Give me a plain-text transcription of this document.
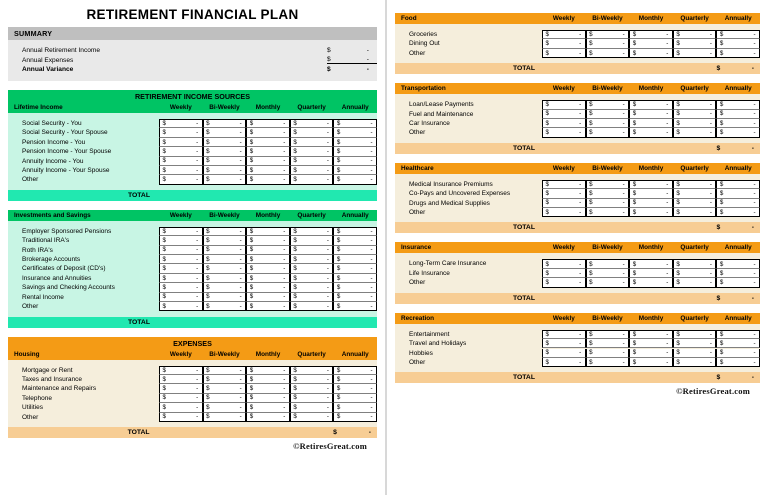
RETIREMENT FINANCIAL PLAN
SUMMARY
Annual Retirement Income	$	-
Annual Expenses	$	-
Annual Variance	$	-
RETIREMENT INCOME SOURCES
Lifetime Income	Weekly	Bi-Weekly	Monthly	Quarterly	Annually
Social Security - You	$	- $	- $	- $	- $	-
Social Security - Your Spouse	$	- $	- $	- $	- $	-
Pension Income - You	$	- $	- $	- $	- $	-
Pension Income - Your Spouse	$	- $	- $	- $	- $	-
Annuity Income - You	$	- $	- $	- $	- $	-
Annuity Income - Your Spouse	$	- $	- $	- $	- $	-
Other	$	- $	- $	- $	- $	-
TOTAL
Investments and Savings	Weekly	Bi-Weekly	Monthly	Quarterly	Annually
Employer Sponsored Pensions	$	- $	- $	- $	- $	-
Traditional IRA's	$	- $	- $	- $	- $	-
Roth IRA's	$	- $	- $	- $	- $	-
Brokerage Accounts	$	- $	- $	- $	- $	-
Certificates of Deposit (CD's)	$	- $	- $	- $	- $	-
Insurance and Annuities	$	- $	- $	- $	- $	-
Savings and Checking Accounts	$	- $	- $	- $	- $	-
Rental Income	$	- $	- $	- $	- $	-
Other	$	- $	- $	- $	- $	-
TOTAL
EXPENSES
Housing	Weekly	Bi-Weekly	Monthly	Quarterly	Annually
Mortgage or Rent	$	- $	- $	- $	- $	-
Taxes and Insurance	$	- $	- $	- $	- $	-
Maintenance and Repairs	$	- $	- $	- $	- $	-
Telephone	$	- $	- $	- $	- $	-
Utilities	$	- $	- $	- $	- $	-
Other	$	- $	- $	- $	- $	-
TOTAL	$	-
©RetiresGreat.com
Food	Weekly	Bi-Weekly	Monthly	Quarterly	Annually
Groceries	$	- $	- $	- $	- $	-
Dining Out	$	- $	- $	- $	- $	-
Other	$	- $	- $	- $	- $	-
TOTAL	$	-
Transportation	Weekly	Bi-Weekly	Monthly	Quarterly	Annually
Loan/Lease Payments	$	- $	- $	- $	- $	-
Fuel and Maintenance	$	- $	- $	- $	- $	-
Car Insurance	$	- $	- $	- $	- $	-
Other	$	- $	- $	- $	- $	-
TOTAL	$	-
Healthcare	Weekly	Bi-Weekly	Monthly	Quarterly	Annually
Medical Insurance Premiums	$	- $	- $	- $	- $	-
Co-Pays and Uncovered Expenses	$	- $	- $	- $	- $	-
Drugs and Medical Supplies	$	- $	- $	- $	- $	-
Other	$	- $	- $	- $	- $	-
TOTAL	$	-
Insurance	Weekly	Bi-Weekly	Monthly	Quarterly	Annually
Long-Term Care Insurance	$	- $	- $	- $	- $	-
Life Insurance	$	- $	- $	- $	- $	-
Other	$	- $	- $	- $	- $	-
TOTAL	$	-
Recreation	Weekly	Bi-Weekly	Monthly	Quarterly	Annually
Entertainment	$	- $	- $	- $	- $	-
Travel and Holidays	$	- $	- $	- $	- $	-
Hobbies	$	- $	- $	- $	- $	-
Other	$	- $	- $	- $	- $	-
TOTAL	$	-
©RetiresGreat.com
